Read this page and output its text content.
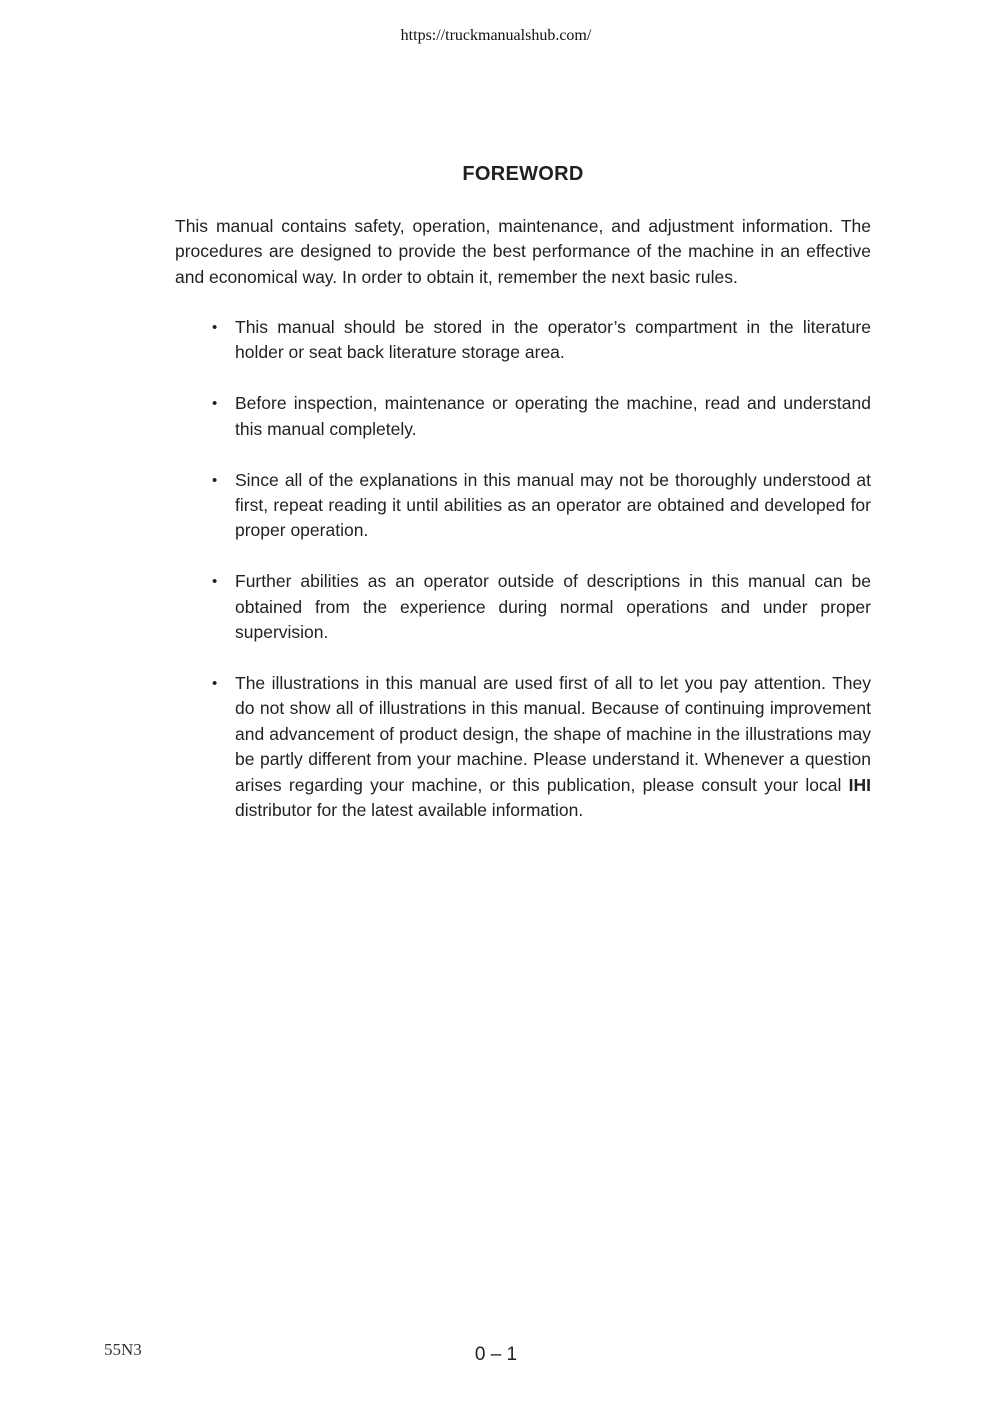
https://truckmanualshub.com/
FOREWORD

This manual contains safety, operation, maintenance, and adjustment information. The procedures are designed to provide the best performance of the machine in an effective and economical way. In order to obtain it, remember the next basic rules.

• This manual should be stored in the operator’s compartment in the literature holder or seat back literature storage area.
• Before inspection, maintenance or operating the machine, read and understand this manual completely.
• Since all of the explanations in this manual may not be thoroughly understood at first, repeat reading it until abilities as an operator are obtained and developed for proper operation.
• Further abilities as an operator outside of descriptions in this manual can be obtained from the experience during normal operations and under proper supervision.
• The illustrations in this manual are used first of all to let you pay attention. They do not show all of illustrations in this manual. Because of continuing improvement and advancement of product design, the shape of machine in the illustrations may be partly different from your machine. Please understand it. Whenever a question arises regarding your machine, or this publication, please consult your local IHI distributor for the latest available information.
55N3	0 – 1
